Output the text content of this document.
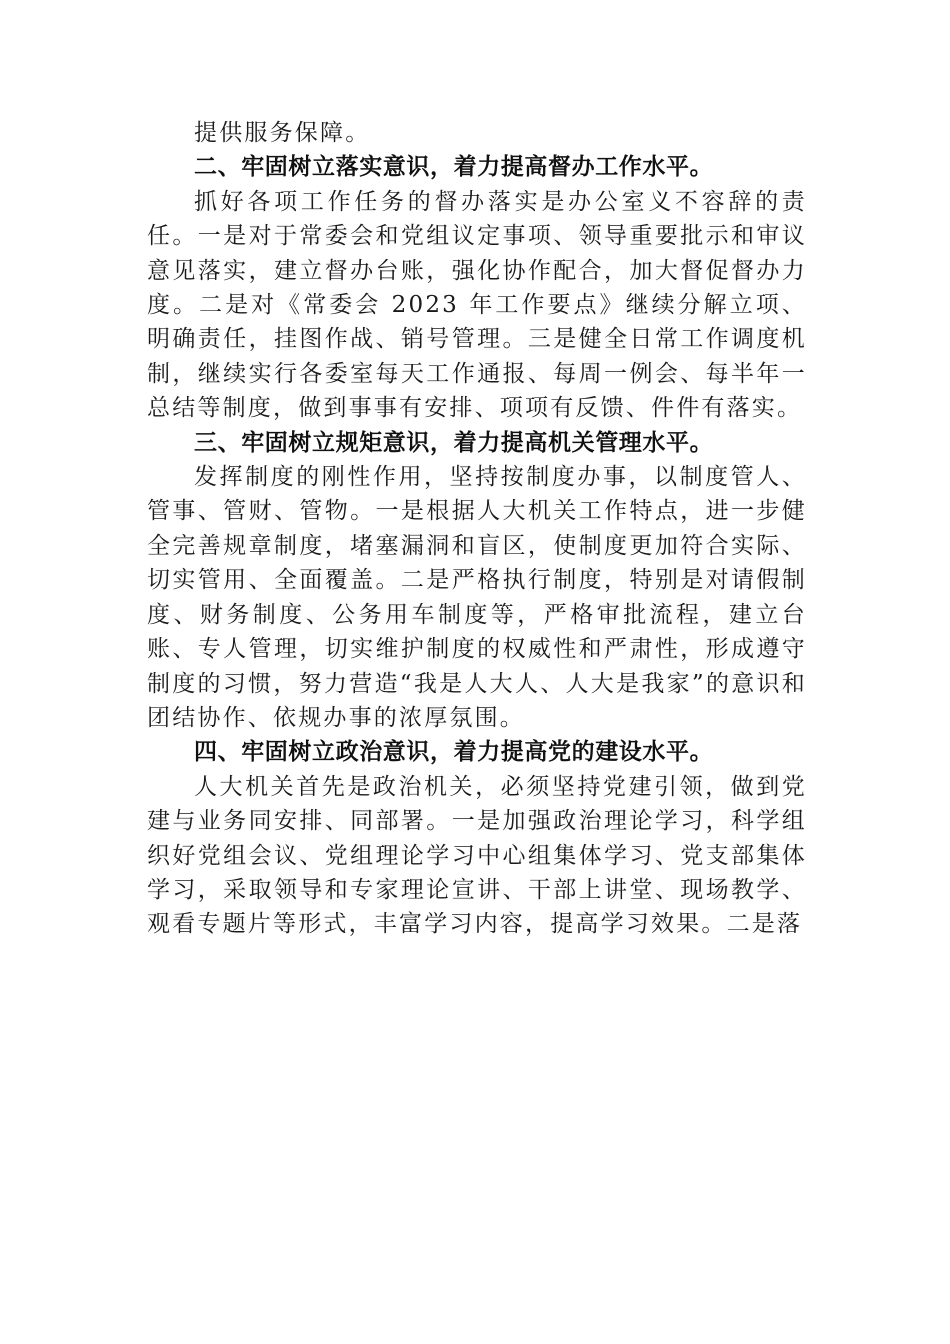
提供服务保障。

二、牢固树立落实意识，着力提高督办工作水平。

抓好各项工作任务的督办落实是办公室义不容辞的责任。一是对于常委会和党组议定事项、领导重要批示和审议意见落实，建立督办台账，强化协作配合，加大督促督办力度。二是对《常委会 2023 年工作要点》继续分解立项、明确责任，挂图作战、销号管理。三是健全日常工作调度机制，继续实行各委室每天工作通报、每周一例会、每半年一总结等制度，做到事事有安排、项项有反馈、件件有落实。

三、牢固树立规矩意识，着力提高机关管理水平。

发挥制度的刚性作用，坚持按制度办事，以制度管人、管事、管财、管物。一是根据人大机关工作特点，进一步健全完善规章制度，堵塞漏洞和盲区，使制度更加符合实际、切实管用、全面覆盖。二是严格执行制度，特别是对请假制度、财务制度、公务用车制度等，严格审批流程，建立台账、专人管理，切实维护制度的权威性和严肃性，形成遵守制度的习惯，努力营造“我是人大人、人大是我家”的意识和团结协作、依规办事的浓厚氛围。

四、牢固树立政治意识，着力提高党的建设水平。

人大机关首先是政治机关，必须坚持党建引领，做到党建与业务同安排、同部署。一是加强政治理论学习，科学组织好党组会议、党组理论学习中心组集体学习、党支部集体学习，采取领导和专家理论宣讲、干部上讲堂、现场教学、观看专题片等形式，丰富学习内容，提高学习效果。二是落
